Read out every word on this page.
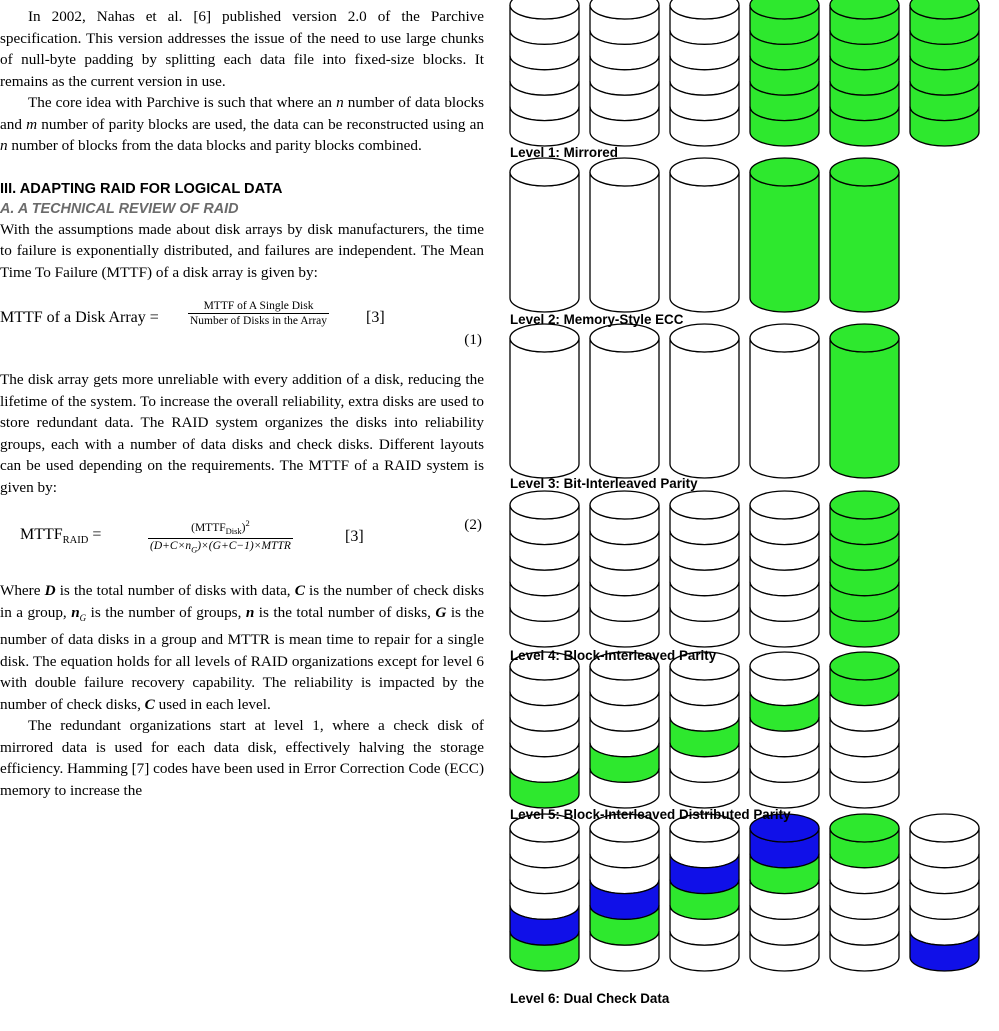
In 2002, Nahas et al. [6] published version 2.0 of the Parchive specification. This version addresses the issue of the need to use large chunks of null-byte padding by splitting each data file into fixed-size blocks. It remains as the current version in use.

The core idea with Parchive is such that where an n number of data blocks and m number of parity blocks are used, the data can be reconstructed using an n number of blocks from the data blocks and parity blocks combined.

III. ADAPTING RAID FOR LOGICAL DATA

A. A TECHNICAL REVIEW OF RAID

With the assumptions made about disk arrays by disk manufacturers, the time to failure is exponentially distributed, and failures are independent. The Mean Time To Failure (MTTF) of a disk array is given by:

MTTF of a Disk Array =
MTTF of A Single Disk
Number of Disks in the Array [3]
(1)

The disk array gets more unreliable with every addition of a disk, reducing the lifetime of the system. To increase the overall reliability, extra disks are used to store redundant data. The RAID system organizes the disks into reliability groups, each with a number of data disks and check disks. Different layouts can be used depending on the requirements. The MTTF of a RAID system is given by:

$MTTF_{RAID}$ =	$(MTTF_{Disk})^2$
$(D+C\times n_G)\times(G+C-1)\times MTTR$
[3]
(2)

Where D is the total number of disks with data, C is the number of check disks in a group, $n_G$ is the number of groups, n is the total number of disks, G is the number of data disks in a group and MTTR is mean time to repair for a single disk. The equation holds for all levels of RAID organizations except for level 6 with double failure recovery capability. The reliability is impacted by the number of check disks, C used in each level.

The redundant organizations start at level 1, where a check disk of mirrored data is used for each data disk, effectively halving the storage efficiency. Hamming [7] codes have been used in Error Correction Code (ECC) memory to increase the

Level 1: Mirrored
Level 2: Memory-Style ECC
Level 3: Bit-Interleaved Parity
Level 4: Block-Interleaved Parity
Level 5: Block-Interleaved Distributed Parity
Level 6: Dual Check Data
